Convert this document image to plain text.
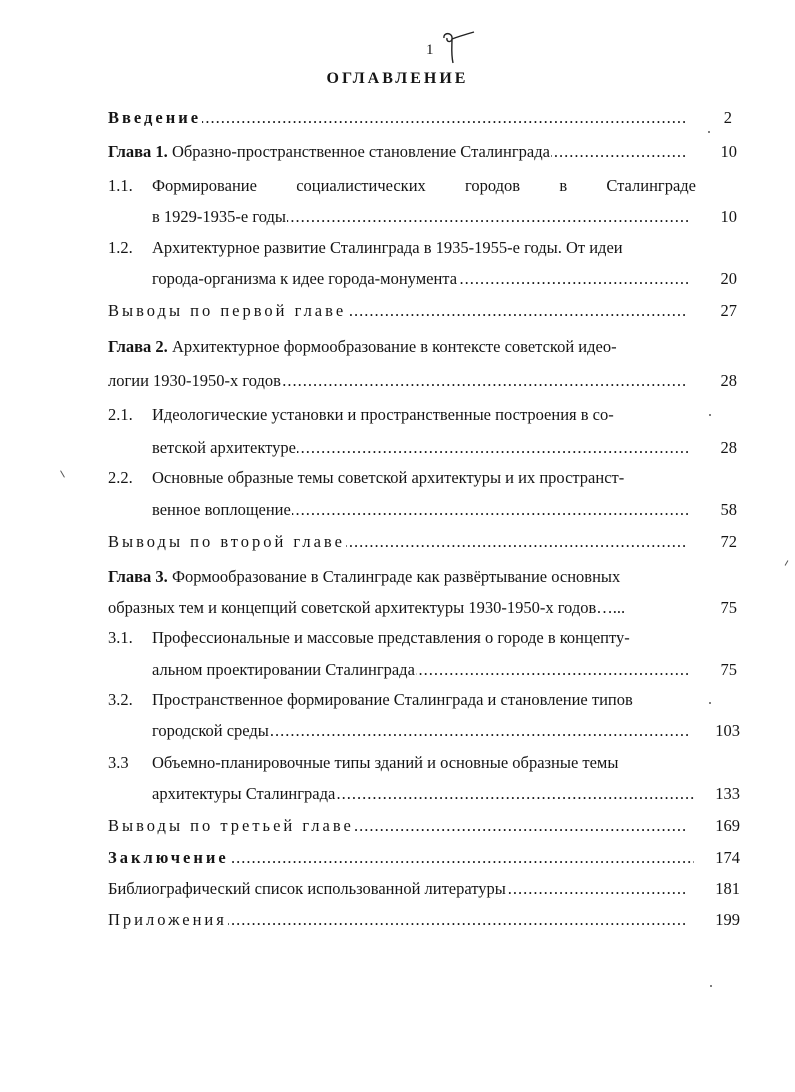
1
ОГЛАВЛЕНИЕ
Введение .....	2
Глава 1. Образно-пространственное становление Сталинграда .....	10
1.1. Формирование социалистических городов в Сталинграде
в 1929-1935-е годы .....	10
1.2. Архитектурное развитие Сталинграда в 1935-1955-е годы. От идеи
города-организма к идее города-монумента .....	20
Выводы по первой главе .....	27
Глава 2. Архитектурное формообразование в контексте советской идео-
логии 1930-1950-х годов .....	28
2.1. Идеологические установки и пространственные построения в со-
ветской архитектуре .....	28
2.2. Основные образные темы советской архитектуры и их пространст-
венное воплощение .....	58
Выводы по второй главе .....	72
Глава 3. Формообразование в Сталинграде как развёртывание основных
образных тем и концепций советской архитектуры 1930-1950-х годов…...	75
3.1. Профессиональные и массовые представления о городе в концепту-
альном проектировании Сталинграда .....	75
3.2. Пространственное формирование Сталинграда и становление типов
городской среды .....	103
3.3 Объемно-планировочные типы зданий и основные образные темы
архитектуры Сталинграда .....	133
Выводы по третьей главе .....	169
Заключение .....	174
Библиографический список использованной литературы .....	181
Приложения .....	199
